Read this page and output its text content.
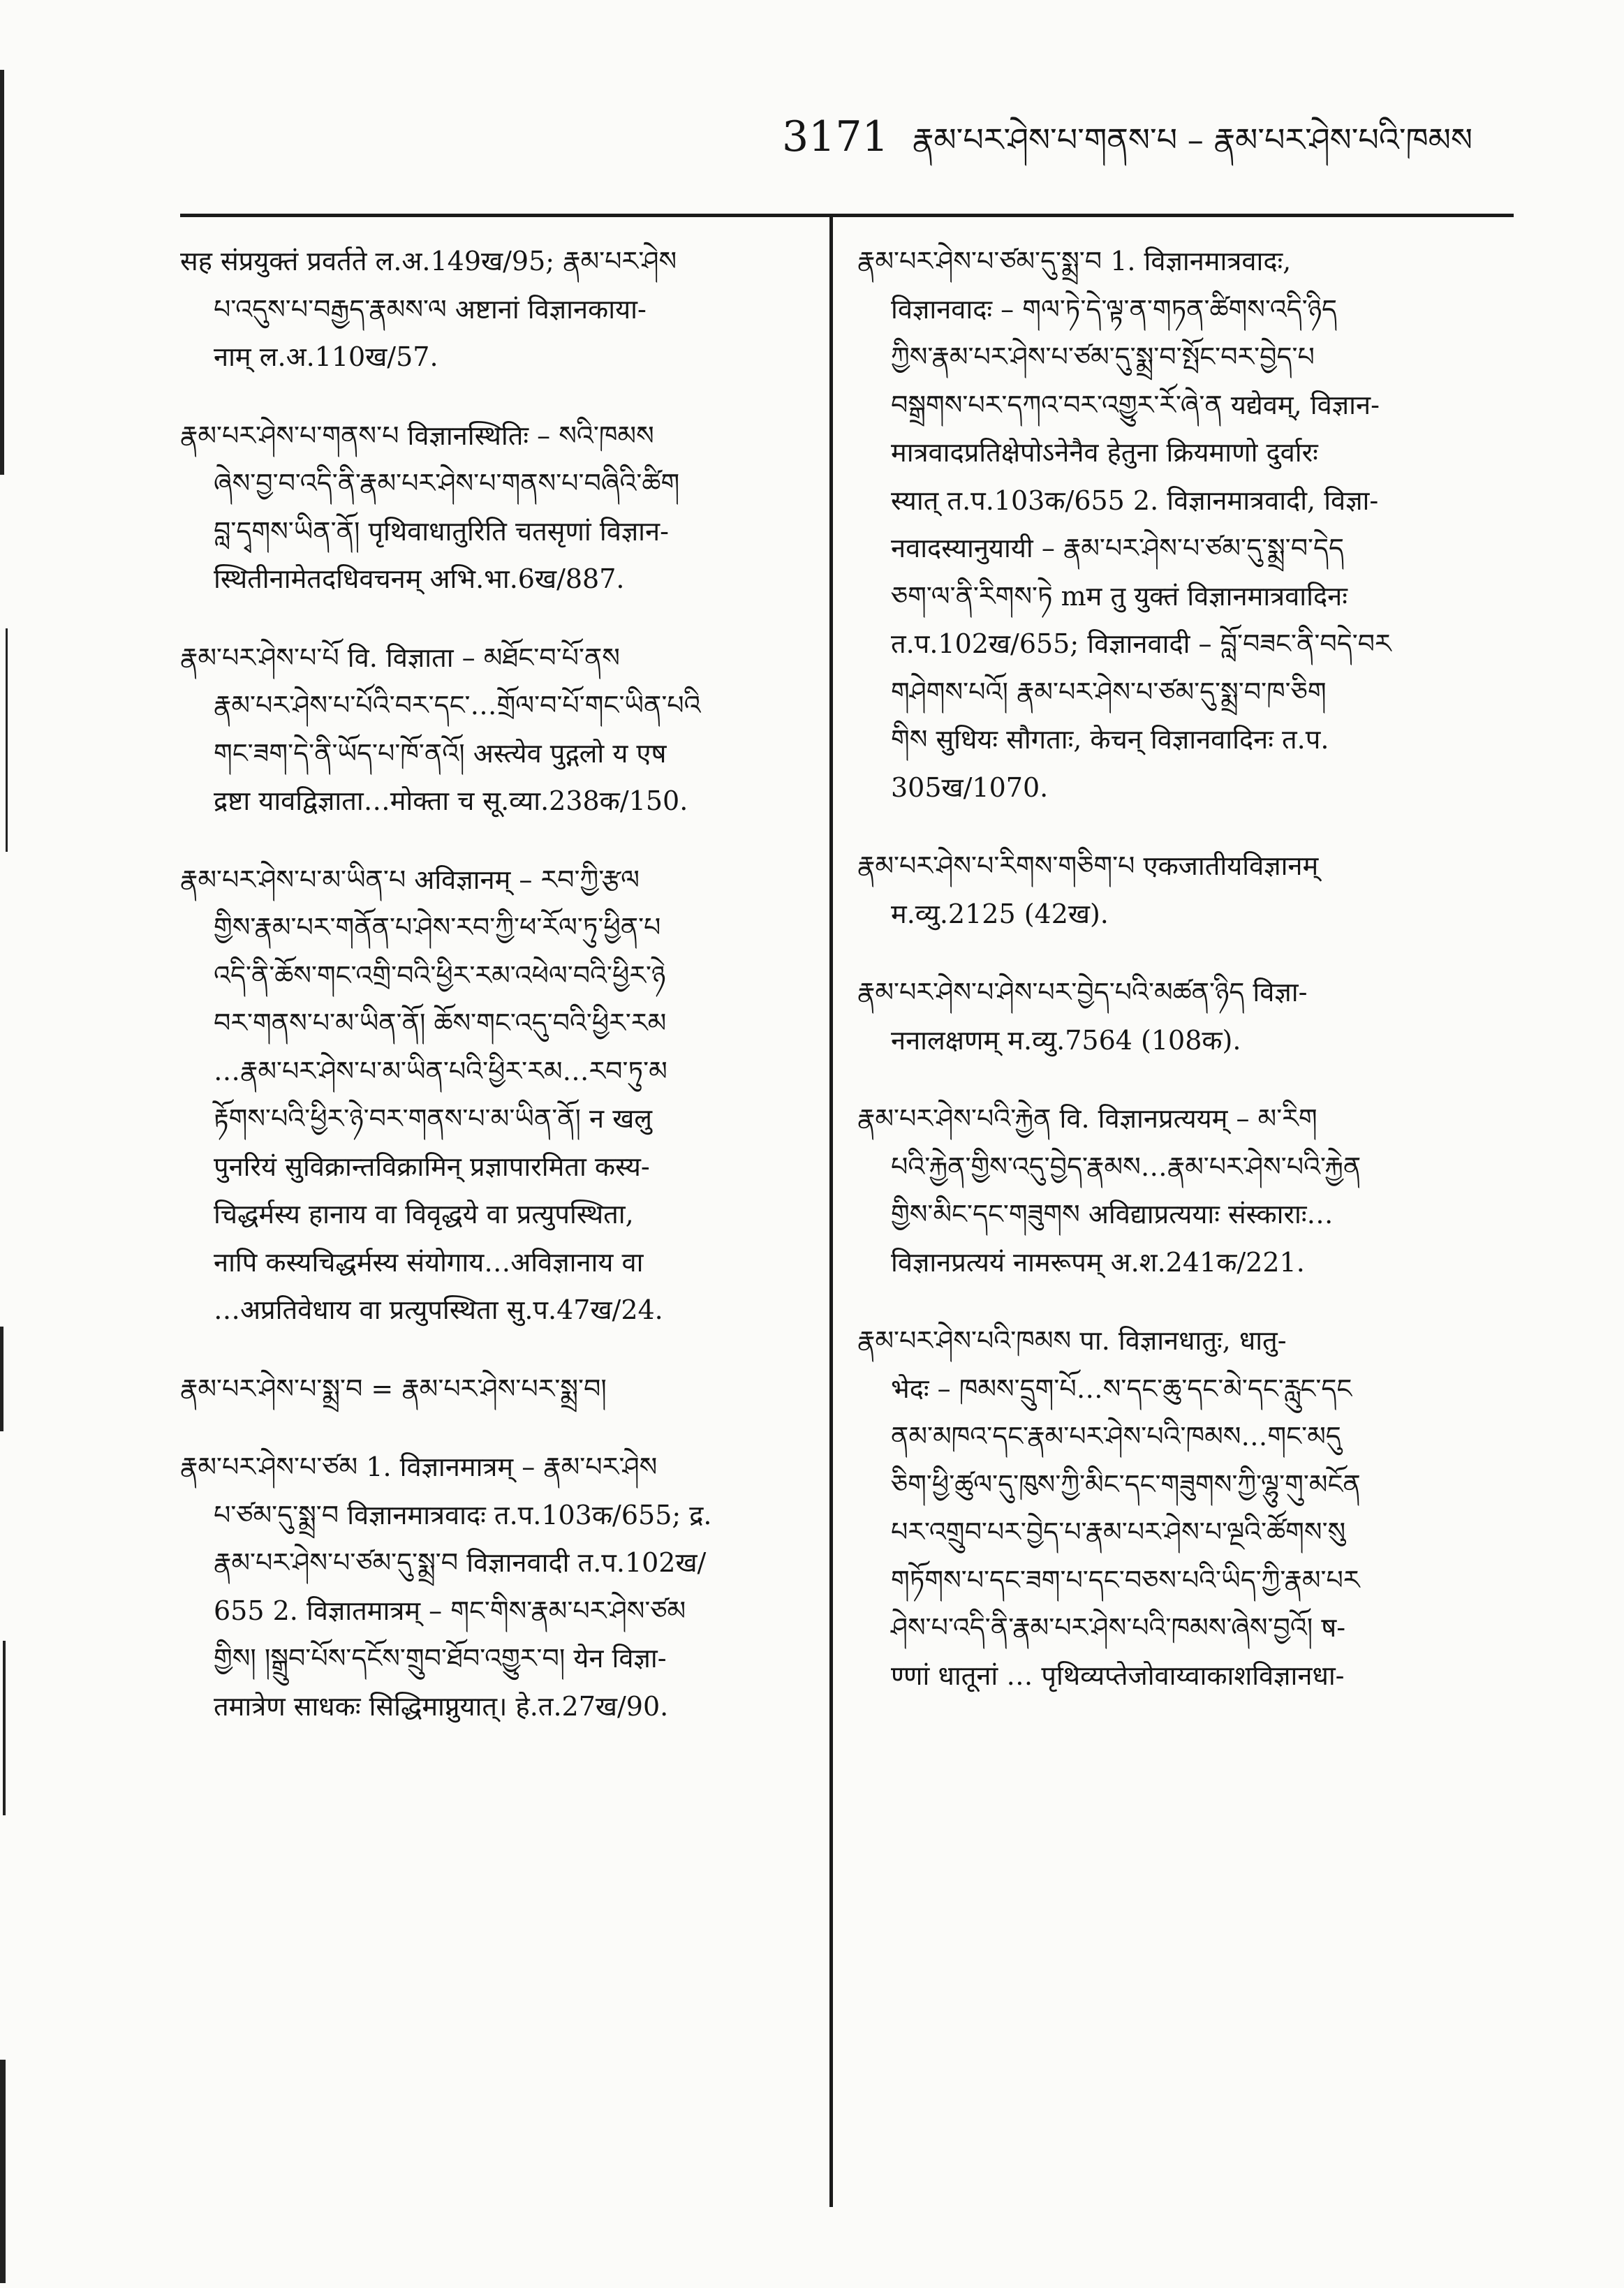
3171 རྣམ་པར་ཤེས་པ་གནས་པ – རྣམ་པར་ཤེས་པའི་ཁམས
सह संप्रयुक्तं प्रवर्तते ल.अ.149ख/95; རྣམ་པར་ཤེས
པ་འདུས་པ་བརྒྱད་རྣམས་ལ अष्टानां विज्ञानकाया-
नाम् ल.अ.110ख/57.
རྣམ་པར་ཤེས་པ་གནས་པ विज्ञानस्थितिः – སའི་ཁམས
ཞེས་བྱ་བ་འདི་ནི་རྣམ་པར་ཤེས་པ་གནས་པ་བཞིའི་ཚིག
བླ་དྭགས་ཡིན་ནོ། पृथिवाधातुरिति चतसृणां विज्ञान-
स्थितीनामेतदधिवचनम् अभि.भा.6ख/887.
རྣམ་པར་ཤེས་པ་པོ वि. विज्ञाता – མཐོང་བ་པོ་ནས
རྣམ་པར་ཤེས་པ་པོའི་བར་དང་…གྲོལ་བ་པོ་གང་ཡིན་པའི
གང་ཟག་དེ་ནི་ཡོད་པ་ཁོ་ནའོ། अस्त्येव पुद्गलो य एष
द्रष्टा यावद्विज्ञाता…मोक्ता च सू.व्या.238क/150.
རྣམ་པར་ཤེས་པ་མ་ཡིན་པ अविज्ञानम् – རབ་ཀྱི་རྩལ
གྱིས་རྣམ་པར་གནོན་པ་ཤེས་རབ་ཀྱི་ཕ་རོལ་ཏུ་ཕྱིན་པ
འདི་ནི་ཆོས་གང་འགྲི་བའི་ཕྱིར་རམ་འཕེལ་བའི་ཕྱིར་ཉེ
བར་གནས་པ་མ་ཡིན་ནོ། ཆོས་གང་འདུ་བའི་ཕྱིར་རམ
…རྣམ་པར་ཤེས་པ་མ་ཡིན་པའི་ཕྱིར་རམ…རབ་ཏུ་མ
རྟོགས་པའི་ཕྱིར་ཉེ་བར་གནས་པ་མ་ཡིན་ནོ། न खलु
पुनरियं सुविक्रान्तविक्रामिन् प्रज्ञापारमिता कस्य-
चिद्धर्मस्य हानाय वा विवृद्धये वा प्रत्युपस्थिता,
नापि कस्यचिद्धर्मस्य संयोगाय…अविज्ञानाय वा
…अप्रतिवेधाय वा प्रत्युपस्थिता सु.प.47ख/24.
རྣམ་པར་ཤེས་པ་སྨྲ་བ = རྣམ་པར་ཤེས་པར་སྨྲ་བ།
རྣམ་པར་ཤེས་པ་ཙམ 1. विज्ञानमात्रम् – རྣམ་པར་ཤེས
པ་ཙམ་དུ་སྨྲ་བ विज्ञानमात्रवादः त.प.103क/655; द्र.
རྣམ་པར་ཤེས་པ་ཙམ་དུ་སྨྲ་བ विज्ञानवादी त.प.102ख/
655 2. विज्ञातमात्रम् – གང་གིས་རྣམ་པར་ཤེས་ཙམ
གྱིས། །སྒྲུབ་པོས་དངོས་གྲུབ་ཐོབ་འགྱུར་བ། येन विज्ञा-
तमात्रेण साधकः सिद्धिमाप्नुयात्। हे.त.27ख/90.
རྣམ་པར་ཤེས་པ་ཙམ་དུ་སྨྲ་བ 1. विज्ञानमात्रवादः,
विज्ञानवादः – གལ་ཏེ་དེ་ལྟ་ན་གཏན་ཚིགས་འདི་ཉིད
ཀྱིས་རྣམ་པར་ཤེས་པ་ཙམ་དུ་སྨྲ་བ་སྤོང་བར་བྱེད་པ
བསྒྲགས་པར་དཀའ་བར་འགྱུར་རོ་ཞེ་ན यद्येवम्, विज्ञान-
मात्रवादप्रतिक्षेपोऽनेनैव हेतुना क्रियमाणो दुर्वारः
स्यात् त.प.103क/655 2. विज्ञानमात्रवादी, विज्ञा-
नवादस्यानुयायी – རྣམ་པར་ཤེས་པ་ཙམ་དུ་སྨྲ་བ་དེད
ཅག་ལ་ནི་རིགས་ཏེ mम तु युक्तं विज्ञानमात्रवादिनः
त.प.102ख/655; विज्ञानवादी – བློ་བཟང་ནི་བདེ་བར
གཤེགས་པའོ། རྣམ་པར་ཤེས་པ་ཙམ་དུ་སྨྲ་བ་ཁ་ཅིག
གིས सुधियः सौगताः, केचन् विज्ञानवादिनः त.प.
305ख/1070.
རྣམ་པར་ཤེས་པ་རིགས་གཅིག་པ एकजातीयविज्ञानम्
म.व्यु.2125 (42ख).
རྣམ་པར་ཤེས་པ་ཤེས་པར་བྱེད་པའི་མཚན་ཉིད विज्ञा-
ननालक्षणम् म.व्यु.7564 (108क).
རྣམ་པར་ཤེས་པའི་རྐྱེན वि. विज्ञानप्रत्ययम् – མ་རིག
པའི་རྐྱེན་གྱིས་འདུ་བྱེད་རྣམས…རྣམ་པར་ཤེས་པའི་རྐྱེན
གྱིས་མིང་དང་གཟུགས अविद्याप्रत्ययाः संस्काराः…
विज्ञानप्रत्ययं नामरूपम् अ.श.241क/221.
རྣམ་པར་ཤེས་པའི་ཁམས पा. विज्ञानधातुः, धातु-
भेदः – ཁམས་དྲུག་པོ…ས་དང་ཆུ་དང་མེ་དང་རླུང་དང
ནམ་མཁའ་དང་རྣམ་པར་ཤེས་པའི་ཁམས…གང་མདུ
ཅིག་ཕྱི་ཚུལ་དུ་ཁུས་ཀྱི་མིང་དང་གཟུགས་ཀྱི་ལྷུ་གུ་མངོན
པར་འགྲུབ་པར་བྱེད་པ་རྣམ་པར་ཤེས་པ་ལྔའི་ཚོགས་སུ
གཏོགས་པ་དང་ཟག་པ་དང་བཅས་པའི་ཡིད་ཀྱི་རྣམ་པར
ཤེས་པ་འདི་ནི་རྣམ་པར་ཤེས་པའི་ཁམས་ཞེས་བྱའོ། ष-
ण्णां धातूनां … पृथिव्यप्तेजोवाय्वाकाशविज्ञानधा-
